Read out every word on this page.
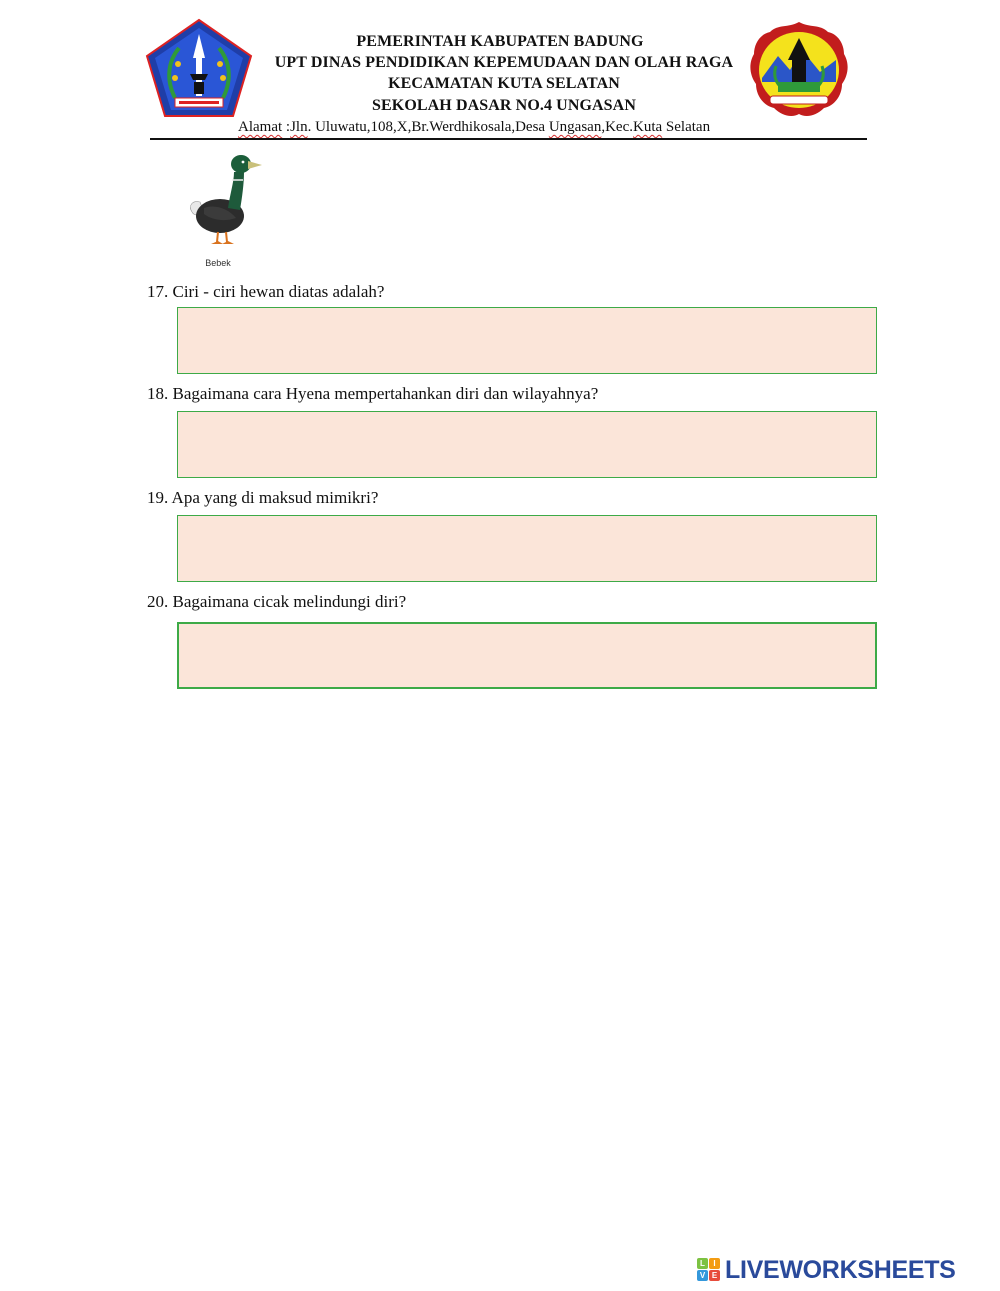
PEMERINTAH KABUPATEN BADUNG
UPT DINAS PENDIDIKAN KEPEMUDAAN DAN OLAH RAGA
KECAMATAN KUTA SELATAN
SEKOLAH DASAR NO.4 UNGASAN
Alamat :Jln. Uluwatu,108,X,Br.Werdhikosala,Desa Ungasan,Kec.Kuta Selatan
Bebek
17. Ciri - ciri hewan diatas adalah?
18. Bagaimana cara Hyena mempertahankan diri dan wilayahnya?
19. Apa yang di maksud mimikri?
20. Bagaimana cicak melindungi diri?
L	I
V E LIVEWORKSHEETS
